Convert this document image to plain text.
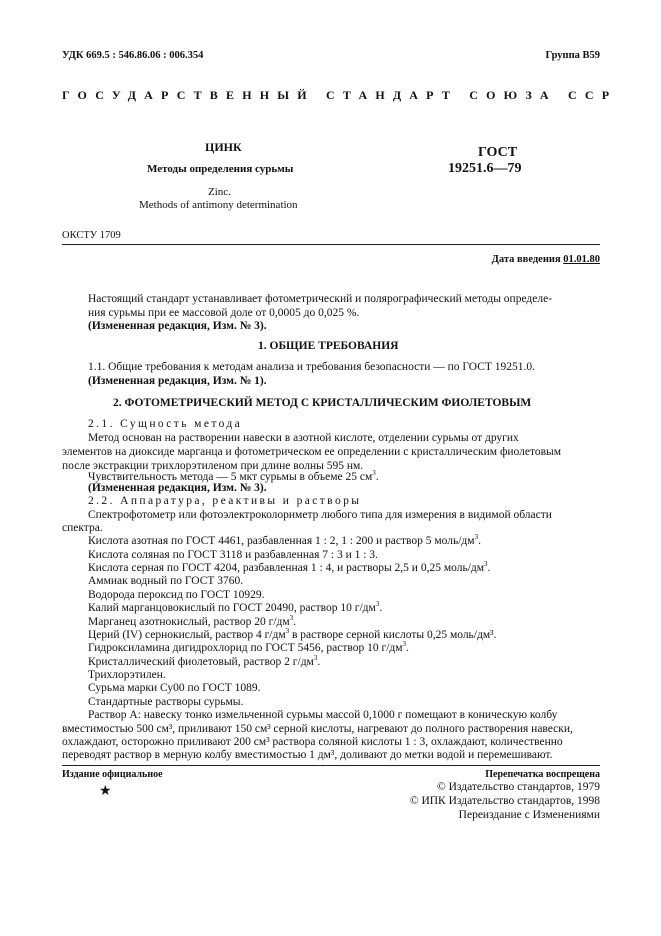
УДК 669.5 : 546.86.06 : 006.354	Группа В59
ГОСУДАРСТВЕННЫЙ СТАНДАРТ СОЮЗА ССР
ЦИНК
Методы определения сурьмы
Zinc.
Methods of antimony determination
ГОСТ
19251.6—79
ОКСТУ 1709
Дата введения 01.01.80
Настоящий стандарт устанавливает фотометрический и полярографический методы определе-
ния сурьмы при ее массовой доле от 0,0005 до 0,025 %.
(Измененная редакция, Изм. № 3).
1. ОБЩИЕ ТРЕБОВАНИЯ
1.1. Общие требования к методам анализа и требования безопасности — по ГОСТ 19251.0.
(Измененная редакция, Изм. № 1).
2. ФОТОМЕТРИЧЕСКИЙ МЕТОД С КРИСТАЛЛИЧЕСКИМ ФИОЛЕТОВЫМ
2.1. Сущность метода
Метод основан на растворении навески в азотной кислоте, отделении сурьмы от других
элементов на диоксиде марганца и фотометрическом ее определении с кристаллическим фиолетовым
после экстракции трихлорэтиленом при длине волны 595 нм.
Чувствительность метода — 5 мкт сурьмы в объеме 25 $см^3$.
(Измененная редакция, Изм. № 3).
2.2. Аппаратура, реактивы и растворы
Спектрофотометр или фотоэлектроколориметр любого типа для измерения в видимой области
спектра.
Кислота азотная по ГОСТ 4461, разбавленная 1 : 2, 1 : 200 и раствор 5 моль/$дм^3$.
Кислота соляная по ГОСТ 3118 и разбавленная 7 : 3 и 1 : 3.
Кислота серная по ГОСТ 4204, разбавленная 1 : 4, и растворы 2,5 и 0,25 моль/$дм^3$.
Аммиак водный по ГОСТ 3760.
Водорода пероксид по ГОСТ 10929.
Калий марганцовокислый по ГОСТ 20490, раствор 10 $г/дм^3$.
Марганец азотнокислый, раствор 20 $г/дм^3$.
Церий (IV) сернокислый, раствор 4 $г/дм^3$ в растворе серной кислоты 0,25 моль/дм³.
Гидроксиламина дигидрохлорид по ГОСТ 5456, раствор 10 $г/дм^3$.
Кристаллический фиолетовый, раствор 2 $г/дм^3$.
Трихлорэтилен.
Сурьма марки Су00 по ГОСТ 1089.
Стандартные растворы сурьмы.
Раствор А: навеску тонко измельченной сурьмы массой 0,1000 г помещают в коническую колбу
вместимостью 500 см³, приливают 150 см³ серной кислоты, нагревают до полного растворения навески,
охлаждают, осторожно приливают 200 см³ раствора соляной кислоты 1 : 3, охлаждают, количественно
переводят раствор в мерную колбу вместимостью 1 дм³, доливают до метки водой и перемешивают.
Издание официальное
★
Перепечатка воспрещена
© Издательство стандартов, 1979
© ИПК Издательство стандартов, 1998
Переиздание с Изменениями
